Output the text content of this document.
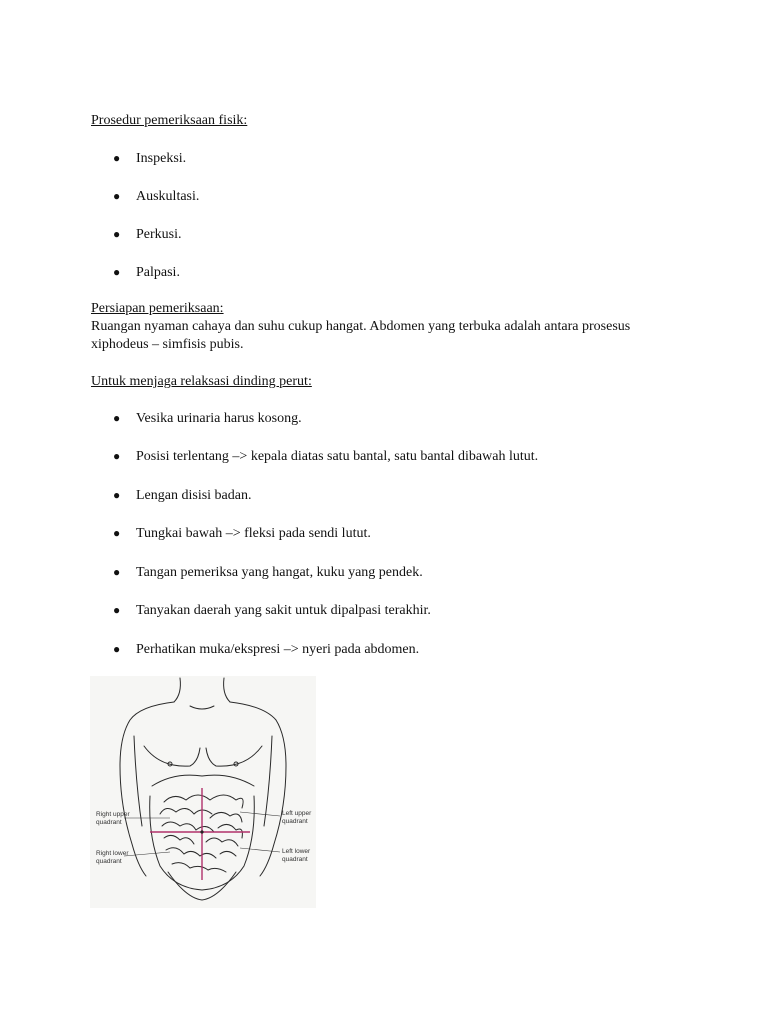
Prosedur pemeriksaan fisik:
● Inspeksi.
● Auskultasi.
● Perkusi.
● Palpasi.
Persiapan pemeriksaan:
Ruangan nyaman cahaya dan suhu cukup hangat. Abdomen yang terbuka adalah antara prosesus
xiphodeus – simfisis pubis.
Untuk menjaga relaksasi dinding perut:
● Vesika urinaria harus kosong.
● Posisi terlentang –> kepala diatas satu bantal, satu bantal dibawah lutut.
● Lengan disisi badan.
● Tungkai bawah –> fleksi pada sendi lutut.
● Tangan pemeriksa yang hangat, kuku yang pendek.
● Tanyakan daerah yang sakit untuk dipalpasi terakhir.
● Perhatikan muka/ekspresi –> nyeri pada abdomen.
Right upper
quadrant
Right lower
quadrant
Left upper
quadrant
Left lower
quadrant
